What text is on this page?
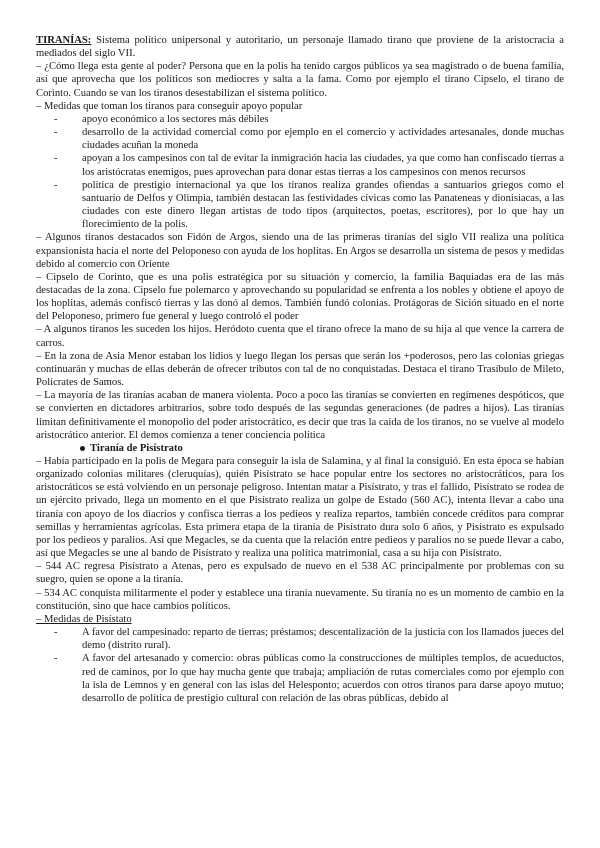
TIRANÍAS: Sistema político unipersonal y autoritario, un personaje llamado tirano que proviene de la aristocracia a mediados del siglo VII.

– ¿Cómo llega esta gente al poder? Persona que en la polis ha tenido cargos públicos ya sea magistrado o de buena familia, así que aprovecha que los políticos son mediocres y salta a la fama. Como por ejemplo el tirano Cipselo, el tirano de Corinto. Cuando se van los tiranos desestabilizan el sistema político.

– Medidas que toman los tiranos para conseguir apoyo popular

- apoyo económico a los sectores más débiles
- desarrollo de la actividad comercial como por ejemplo en el comercio y actividades artesanales, donde muchas ciudades acuñan la moneda
- apoyan a los campesinos con tal de evitar la inmigración hacia las ciudades, ya que como han confiscado tierras a los aristócratas enemigos, pues aprovechan para donar estas tierras a los campesinos con menos recursos
- política de prestigio internacional ya que los tiranos realiza grandes ofiendas a santuarios griegos como el santuario de Delfos y Olimpia, también destacan las festividades cívicas como las Panateneas y dionisiacas, a las ciudades con este dinero llegan artistas de todo tipos (arquitectos, poetas, escritores), por lo que hay un florecimiento de la polis.

– Algunos tiranos destacados son Fidón de Argos, siendo una de las primeras tiranías del siglo VII realiza una política expansionista hacia el norte del Peloponeso con ayuda de los hoplitas. En Argos se desarrolla un sistema de pesos y medidas debido al comercio con Oriente

– Cipselo de Corinto, que es una polis estratégica por su situación y comercio, la familia Baquiadas era de las más destacadas de la zona. Cipselo fue polemarco y aprovechando su popularidad se enfrenta a los nobles y obtiene el apoyo de los hoplitas, además confiscó tierras y las donó al demos. También fundó colonias. Protágoras de Sición situado en el norte del Peloponeso, primero fue general y luego controló el poder

– A algunos tiranos les suceden los hijos. Heródoto cuenta que el tirano ofrece la mano de su hija al que vence la carrera de carros.

– En la zona de Asia Menor estaban los lidios y luego llegan los persas que serán los +poderosos, pero las colonias griegas continuarán y muchas de ellas deberán de ofrecer tributos con tal de no conquistadas. Destaca el tirano Trasíbulo de Mileto, Polícrates de Samos.

– La mayoría de las tiranías acaban de manera violenta. Poco a poco las tiranías se convierten en regímenes despóticos, que se convierten en dictadores arbitrarios, sobre todo después de las segundas generaciones (de padres a hijos). Las tiranías limitan definitivamente el monopolio del poder aristocrático, es decir que tras la caída de los tiranos, no se vuelve al modelo aristocrático anterior. El demos comienza a tener conciencia política

Tiranía de Pisístrato

– Había participado en la polis de Megara para conseguir la isla de Salamina, y al final la consiguió. En esta época se habían organizado colonias militares (cleruquías), quién Pisístrato se hace popular entre los sectores no aristocráticos, para los aristocráticos se está volviendo en un personaje peligroso. Intentan matar a Pisístrato, y tras el fallido, Pisístrato se rodea de un ejército privado, llega un momento en el que Pisístrato realiza un golpe de Estado (560 AC), intenta llevar a cabo una tiranía con apoyo de los diacrios y confisca tierras a los pedieos y realiza repartos, también concede créditos para comprar semillas y herramientas agrícolas. Esta primera etapa de la tiranía de Pisístrato dura solo 6 años, y Pisístrato es expulsado por los pedieos y paralios. Así que Megacles, se da cuenta que la relación entre pedieos y paralios no se puede llevar a cabo, así que Megacles se une al bando de Pisístrato y realiza una política matrimonial, casa a su hija con Pisístrato.

– 544 AC regresa Pisístrato a Atenas, pero es expulsado de nuevo en el 538 AC principalmente por problemas con su suegro, quien se opone a la tiranía.

– 534 AC conquista militarmente el poder y establece una tiranía nuevamente. Su tiranía no es un momento de cambio en la constitución, sino que hace cambios políticos.

– Medidas de Pisístato

- A favor del campesinado: reparto de tierras; préstamos; descentalización de la justicia con los llamados jueces del demo (distrito rural).
- A favor del artesanado y comercio: obras públicas como la construcciones de múltiples templos, de acueductos, red de caminos, por lo que hay mucha gente que trabaja; ampliación de rutas comerciales como por ejemplo con la isla de Lemnos y en general con las islas del Helesponto; acuerdos con otros tiranos para darse apoyo mutuo; desarrollo de política de prestigio cultural con relación de las obras públicas, debido al
